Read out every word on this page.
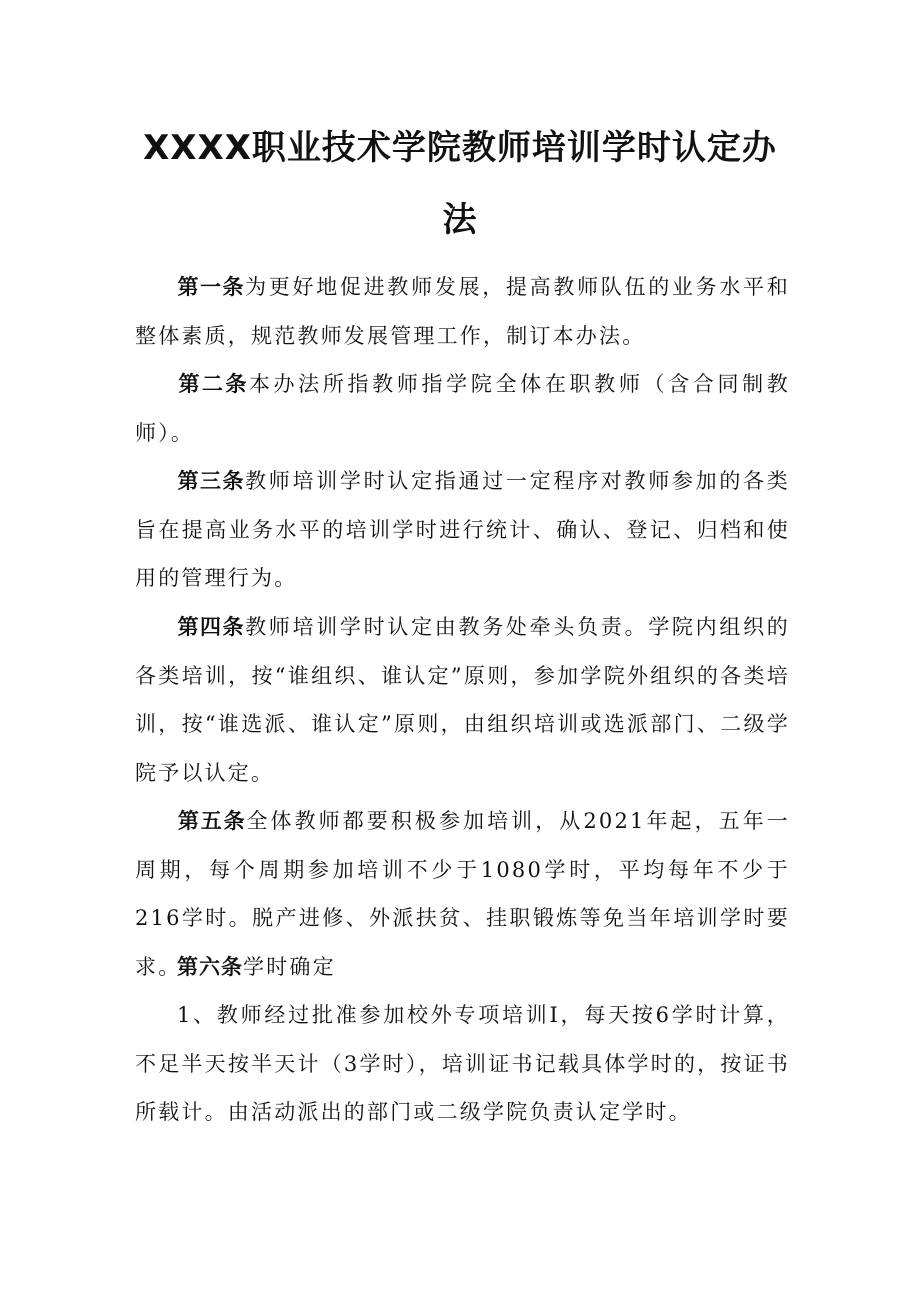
XXXX职业技术学院教师培训学时认定办
法

第一条为更好地促进教师发展，提高教师队伍的业务水平和整体素质，规范教师发展管理工作，制订本办法。

第二条本办法所指教师指学院全体在职教师（含合同制教师）。

第三条教师培训学时认定指通过一定程序对教师参加的各类旨在提高业务水平的培训学时进行统计、确认、登记、归档和使用的管理行为。

第四条教师培训学时认定由教务处牵头负责。学院内组织的各类培训，按“谁组织、谁认定”原则，参加学院外组织的各类培训，按“谁选派、谁认定”原则，由组织培训或选派部门、二级学院予以认定。

第五条全体教师都要积极参加培训，从2021年起，五年一周期，每个周期参加培训不少于1080学时，平均每年不少于216学时。脱产进修、外派扶贫、挂职锻炼等免当年培训学时要求。

第六条学时确定

1、教师经过批准参加校外专项培训I，每天按6学时计算，不足半天按半天计（3学时），培训证书记载具体学时的，按证书所载计。由活动派出的部门或二级学院负责认定学时。
